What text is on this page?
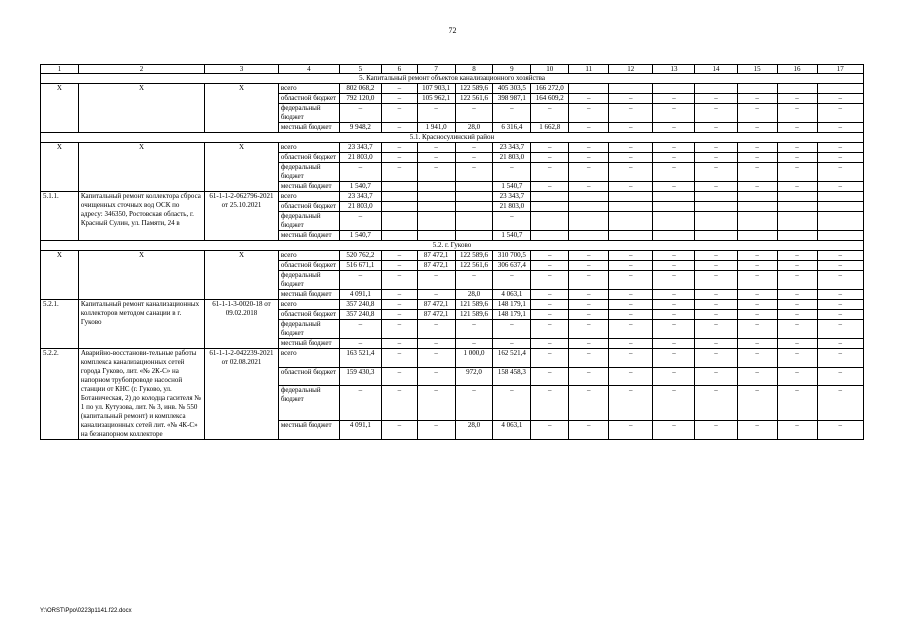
72
1	2	3	4	5	6	7	8	9	10	11	12	13	14	15	16	17
5. Капитальный ремонт объектов канализационного хозяйства																
Х	Х	Х	всего	802 068,2	–	107 903,1	122 589,6	405 303,5	166 272,0							
			областной бюджет	792 120,0	–	105 962,1	122 561,6	398 987,1	164 609,2	–	–	–	–	–	–	–
			федеральный бюджет	–	–	–	–	–	–	–	–	–	–	–	–	–
			местный бюджет	9 948,2	–	1 941,0	28,0	6 316,4	1 662,8	–	–	–	–	–	–	–
5.1. Красносулинский район																
Х	Х	Х	всего	23 343,7	–	–	–	23 343,7	–	–	–	–	–	–	–	–
			областной бюджет	21 803,0	–	–	–	21 803,0	–	–	–	–	–	–	–	–
			федеральный бюджет	–	–	–	–	–	–	–	–	–	–	–	–	–
			местный бюджет	1 540,7				1 540,7	–	–	–	–	–	–	–	–
5.1.1.	Капитальный ремонт коллектора сброса очищенных сточных вод ОСК по адресу: 346350, Ростовская область, г. Красный Сулин, ул. Памяти, 24 в	61-1-1-2-062796-2021 от 25.10.2021	всего	23 343,7				23 343,7								
			областной бюджет	21 803,0				21 803,0								
			федеральный бюджет	–				–								
			местный бюджет	1 540,7				1 540,7								
5.2. г. Гуково																
Х	Х	Х	всего	520 762,2	–	87 472,1	122 589,6	310 700,5	–	–	–	–	–	–	–	–
			областной бюджет	516 671,1	–	87 472,1	122 561,6	306 637,4	–	–	–	–	–	–	–	–
			федеральный бюджет	–	–	–	–	–	–	–	–	–	–	–	–	–
			местный бюджет	4 091,1	–	–	28,0	4 063,1	–	–	–	–	–	–	–	–
5.2.1.	Капитальный ремонт канализационных коллекторов методом санации в г. Гуково	61-1-1-3-0020-18 от 09.02.2018	всего	357 240,8	–	87 472,1	121 589,6	148 179,1	–	–	–	–	–	–	–	–
			областной бюджет	357 240,8	–	87 472,1	121 589,6	148 179,1	–	–	–	–	–	–	–	–
			федеральный бюджет	–	–	–	–	–	–	–	–	–	–	–	–	–
			местный бюджет	–	–	–	–	–	–	–	–	–	–	–	–	–
5.2.2.	Аварийно-восстанови-тельные работы комплекса канализационных сетей города Гуково, лит. «№ 2К-С» на напорном трубопроводе насосной станции от КНС (г. Гуково, ул. Ботаническая, 2) до колодца гасителя № 1 по ул. Кутузова, лит. № 3, инв. № 550 (капитальный ремонт) и комплекса канализационных сетей лит. «№ 4К-С» на безнапорном коллекторе	61-1-1-2-042239-2021 от 02.08.2021	всего	163 521,4	–	–	1 000,0	162 521,4	–	–	–	–	–	–	–	–
			областной бюджет	159 430,3	–	–	972,0	158 458,3	–	–	–	–	–	–	–	–
			федеральный бюджет	–	–	–	–	–	–	–	–	–	–	–	–	–
			местный бюджет	4 091,1	–	–	28,0	4 063,1	–	–	–	–	–	–	–	–
Y:\ORST\Ppo\0223p1141.f22.docx
